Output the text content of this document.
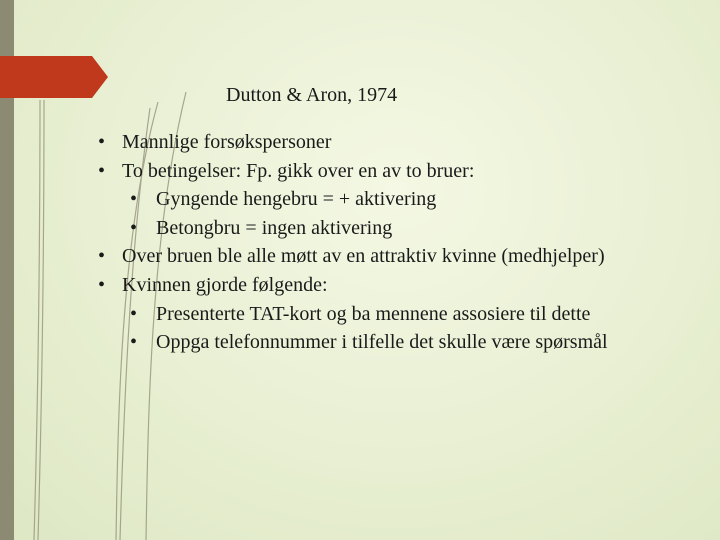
Dutton & Aron, 1974
• Mannlige forsøkspersoner
• To betingelser: Fp. gikk over en av to bruer:
• Gyngende hengebru = + aktivering
• Betongbru = ingen aktivering
• Over bruen ble alle møtt av en attraktiv kvinne (medhjelper)
• Kvinnen gjorde følgende:
• Presenterte TAT-kort og ba mennene assosiere til dette
• Oppga telefonnummer i tilfelle det skulle være spørsmål
